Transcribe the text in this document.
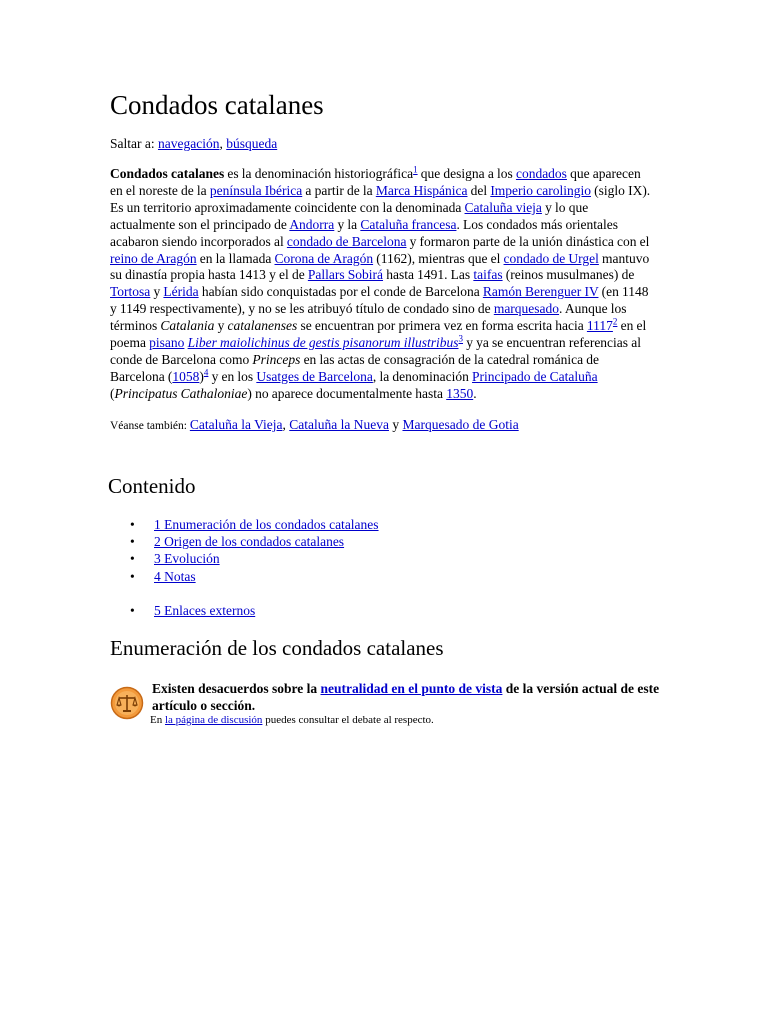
Condados catalanes
Saltar a: navegación, búsqueda

Condados catalanes es la denominación historiográfica$^1$ que designa a los condados que aparecen en el noreste de la península Ibérica a partir de la Marca Hispánica del Imperio carolingio (siglo IX). Es un territorio aproximadamente coincidente con la denominada Cataluña vieja y lo que actualmente son el principado de Andorra y la Cataluña francesa. Los condados más orientales acabaron siendo incorporados al condado de Barcelona y formaron parte de la unión dinástica con el reino de Aragón en la llamada Corona de Aragón (1162), mientras que el condado de Urgel mantuvo su dinastía propia hasta 1413 y el de Pallars Sobirá hasta 1491. Las taifas (reinos musulmanes) de Tortosa y Lérida habían sido conquistadas por el conde de Barcelona Ramón Berenguer IV (en 1148 y 1149 respectivamente), y no se les atribuyó título de condado sino de marquesado. Aunque los términos Catalania y catalanenses se encuentran por primera vez en forma escrita hacia 1117$^2$ en el poema pisano Liber maiolichinus de gestis pisanorum illustribus$^3$ y ya se encuentran referencias al conde de Barcelona como Princeps en las actas de consagración de la catedral románica de Barcelona $(1058)^4$ y en los Usatges de Barcelona, la denominación Principado de Cataluña (Principatus Cathaloniae) no aparece documentalmente hasta 1350.

Véanse también: Cataluña la Vieja, Cataluña la Nueva y Marquesado de Gotia
Contenido
• 1 Enumeración de los condados catalanes
• 2 Origen de los condados catalanes
• 3 Evolución
• 4 Notas
• 5 Enlaces externos
Enumeración de los condados catalanes
Existen desacuerdos sobre la neutralidad en el punto de vista de la versión actual de este artículo o sección.
En la página de discusión puedes consultar el debate al respecto.
